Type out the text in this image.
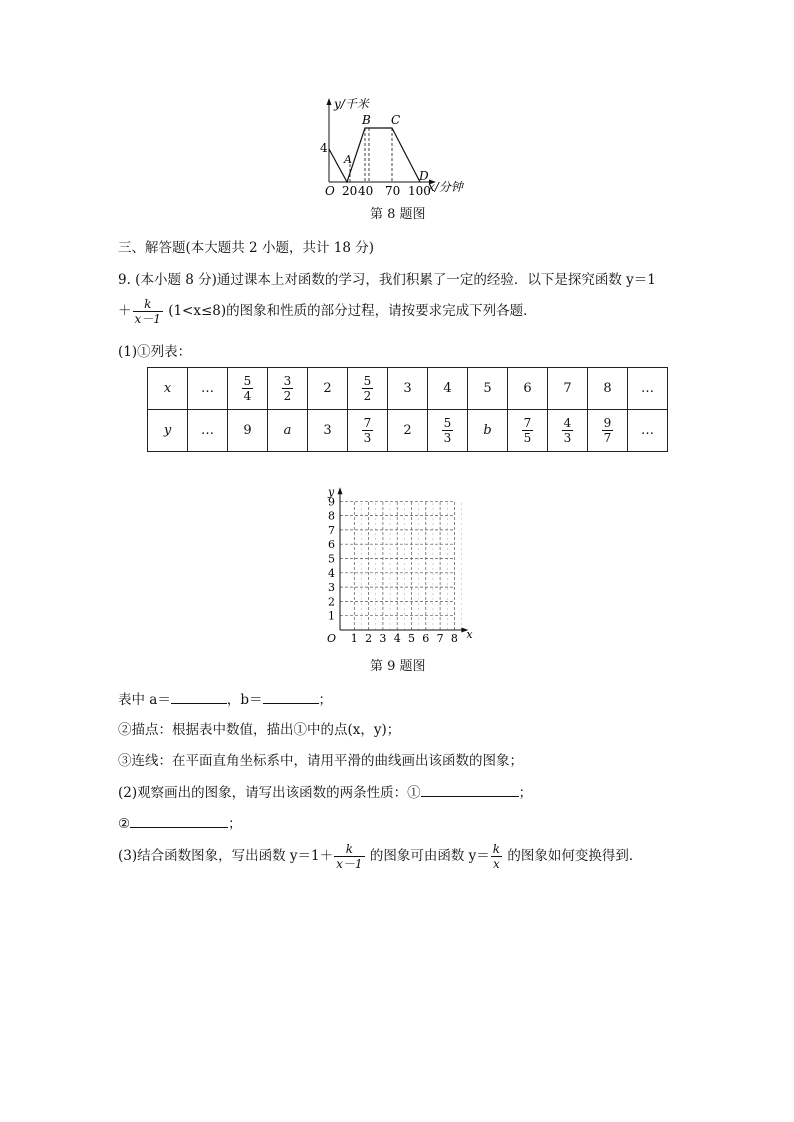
y/千米
x/分钟
O
4
20 40 70 100
A
B C
D
第 8 题图
三、解答题(本大题共 2 小题，共计 18 分)
9. (本小题 8 分)通过课本上对函数的学习，我们积累了一定的经验．以下是探究函数 y＝1
＋ $\frac{k}{x-1} (1<x\le 8)$的图象和性质的部分过程，请按要求完成下列各题．
(1)①列表：
x	…	$\frac{5}{4}$	$\frac{3}{2}$	2	$\frac{5}{2}$	3	4	5	6	7	8	…
y	…	9	a	3	$\frac{7}{3}$	2	$\frac{5}{3}$	b	$\frac{7}{5}$	$\frac{4}{3}$	$\frac{9}{7}$	…
1 2 3 4 5 6 7 8
1
2
3
4
5
6
7
8
9
O	x
y
第 9 题图
表中 a＝	，b＝	；
②描点：根据表中数值，描出①中的点(x，y)；
③连线：在平面直角坐标系中，请用平滑的曲线画出该函数的图象；
(2)观察画出的图象，请写出该函数的两条性质：①	；
②	；
(3)结合函数图象，写出函数 $y=1+ \frac{k}{x-1}$ 的图象可由函数 $y= \frac{k}{x}$ 的图象如何变换得到．
